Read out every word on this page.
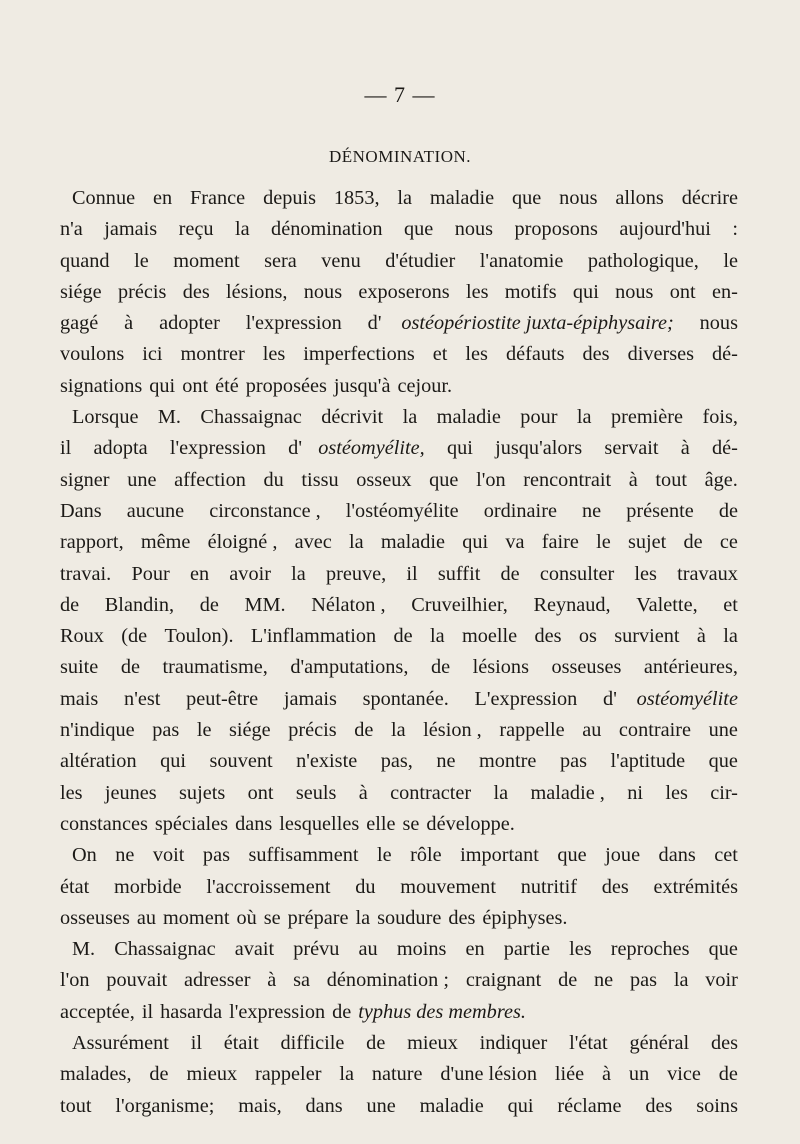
— 7 —
DÉNOMINATION.
Connue en France depuis 1853, la maladie que nous allons décrire
n'a jamais reçu la dénomination que nous proposons aujourd'hui :
quand le moment sera venu d'étudier l'anatomie pathologique, le
siége précis des lésions, nous exposerons les motifs qui nous ont en-
gagé à adopter l'expression d' ostéopériostite juxta-épiphysaire; nous
voulons ici montrer les imperfections et les défauts des diverses dé-
signations qui ont été proposées jusqu'à cejour.
Lorsque M. Chassaignac décrivit la maladie pour la première fois,
il adopta l'expression d' ostéomyélite, qui jusqu'alors servait à dé-
signer une affection du tissu osseux que l'on rencontrait à tout âge.
Dans aucune circonstance , l'ostéomyélite ordinaire ne présente de
rapport, même éloigné , avec la maladie qui va faire le sujet de ce
travai. Pour en avoir la preuve, il suffit de consulter les travaux
de Blandin, de MM. Nélaton , Cruveilhier, Reynaud, Valette, et
Roux (de Toulon). L'inflammation de la moelle des os survient à la
suite de traumatisme, d'amputations, de lésions osseuses antérieures,
mais n'est peut-être jamais spontanée. L'expression d' ostéomyélite
n'indique pas le siége précis de la lésion , rappelle au contraire une
altération qui souvent n'existe pas, ne montre pas l'aptitude que
les jeunes sujets ont seuls à contracter la maladie , ni les cir-
constances spéciales dans lesquelles elle se développe.
On ne voit pas suffisamment le rôle important que joue dans cet
état morbide l'accroissement du mouvement nutritif des extrémités
osseuses au moment où se prépare la soudure des épiphyses.
M. Chassaignac avait prévu au moins en partie les reproches que
l'on pouvait adresser à sa dénomination ; craignant de ne pas la voir
acceptée, il hasarda l'expression de typhus des membres.
Assurément il était difficile de mieux indiquer l'état général des
malades, de mieux rappeler la nature d'une lésion liée à un vice de
tout l'organisme; mais, dans une maladie qui réclame des soins
